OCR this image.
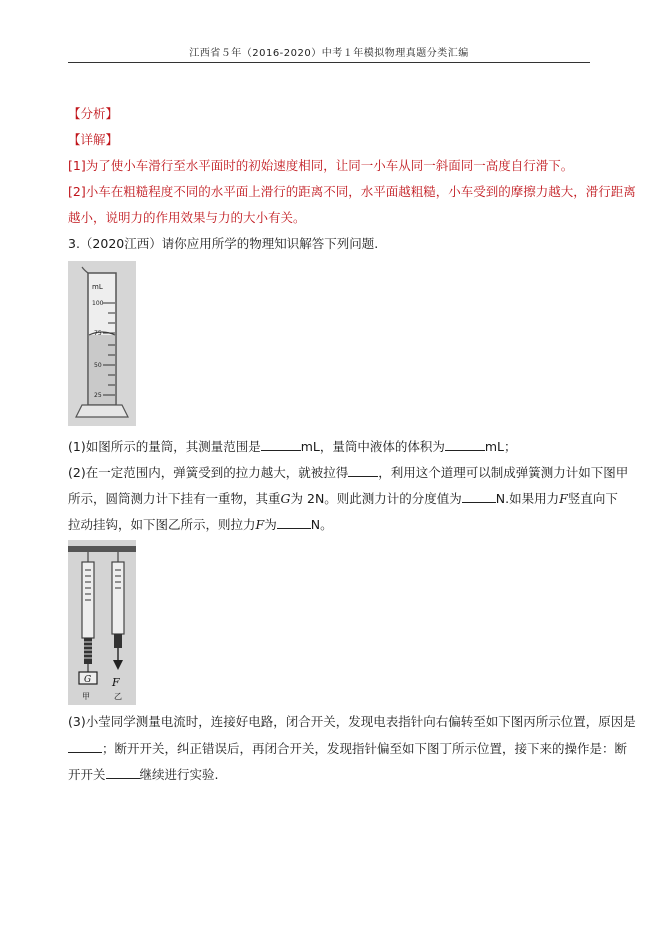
江西省５年（2016-2020）中考１年模拟物理真题分类汇编
【分析】
【详解】
[1]为了使小车滑行至水平面时的初始速度相同，让同一小车从同一斜面同一高度自行滑下。
[2]小车在粗糙程度不同的水平面上滑行的距离不同，水平面越粗糙，小车受到的摩擦力越大，滑行距离
越小，说明力的作用效果与力的大小有关。
3.（2020江西）请你应用所学的物理知识解答下列问题.
mL
100
75
50
25
(1)如图所示的量筒，其测量范围是	mL，量筒中液体的体积为	mL；
(2)在一定范围内，弹簧受到的拉力越大，就被拉得 ，利用这个道理可以制成弹簧测力计如下图甲
所示，圆筒测力计下挂有一重物，其重G为 2N。则此测力计的分度值为	N.如果用力F竖直向下
拉动挂钩，如下图乙所示，则拉力F为	N。
G F
甲	乙
(3)小莹同学测量电流时，连接好电路，闭合开关，发现电表指针向右偏转至如下图丙所示位置，原因是
；断开开关，纠正错误后，再闭合开关，发现指针偏至如下图丁所示位置，接下来的操作是：断
开开关	继续进行实验.
